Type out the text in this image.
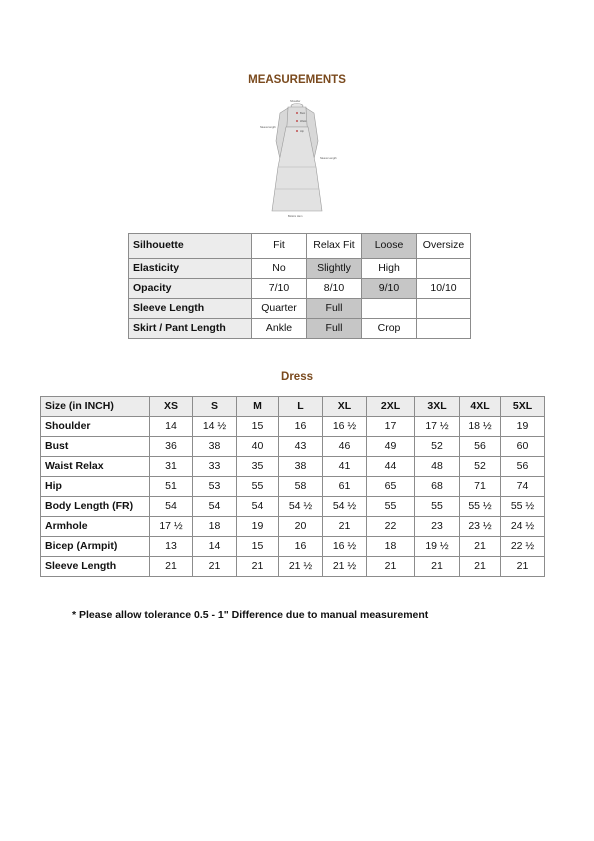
MEASUREMENTS
Shoulder
Bust
Sleeve length
Waist
Hip
Sleeve Length
Bottom Hem
Silhouette	Fit	Relax Fit	Loose	Oversize
Elasticity	No	Slightly	High	
Opacity	7/10	8/10	9/10	10/10
Sleeve Length	Quarter	Full		
Skirt / Pant Length	Ankle	Full	Crop	
Dress
Size (in INCH)	XS	S	M	L	XL	2XL	3XL	4XL	5XL
Shoulder	14	14 ½	15	16	16 ½	17	17 ½	18 ½	19
Bust	36	38	40	43	46	49	52	56	60
Waist Relax	31	33	35	38	41	44	48	52	56
Hip	51	53	55	58	61	65	68	71	74
Body Length (FR)	54	54	54	54 ½	54 ½	55	55	55 ½	55 ½
Armhole	17 ½	18	19	20	21	22	23	23 ½	24 ½
Bicep (Armpit)	13	14	15	16	16 ½	18	19 ½	21	22 ½
Sleeve Length	21	21	21	21 ½	21 ½	21	21	21	21
* Please allow tolerance 0.5 - 1" Difference due to manual measurement
